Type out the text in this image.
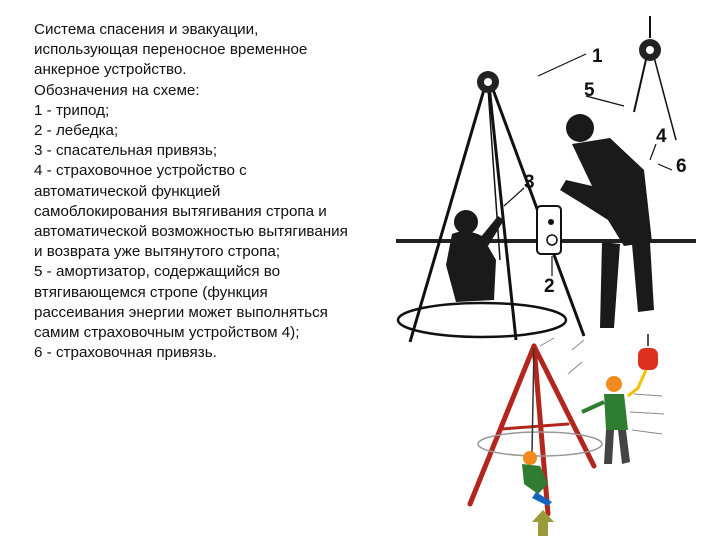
Система спасения и эвакуации,
использующая переносное временное
анкерное устройство.
Обозначения на схеме:
1 - трипод;
2 - лебедка;
3 - спасательная привязь;
4 - страховочное устройство с
автоматической функцией
самоблокирования вытягивания стропа и
автоматической возможностью вытягивания
и возврата уже вытянутого стропа;
5 - амортизатор, содержащийся во
втягивающемся стропе (функция
рассеивания энергии может выполняться
самим страховочным устройством 4);
6 - страховочная привязь.
1
5
4
6
3
2
